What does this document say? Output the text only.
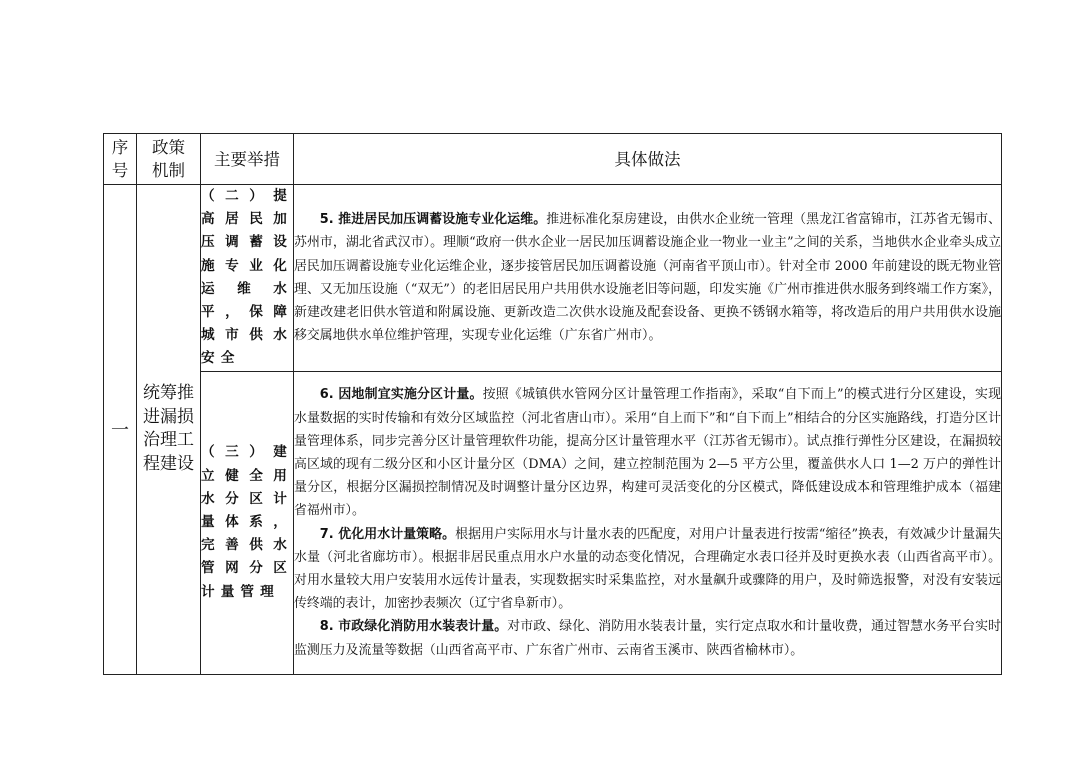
序号	政策机制	主要举措	具体做法
一	统筹推进漏损治理工程建设	（二）提高居民加压调蓄设施专业化运维水平，保障城市供水安全	5. 推进居民加压调蓄设施专业化运维。推进标准化泵房建设，由供水企业统一管理（黑龙江省富锦市，江苏省无锡市、苏州市，湖北省武汉市）。理顺“政府一供水企业一居民加压调蓄设施企业一物业一业主”之间的关系，当地供水企业牵头成立居民加压调蓄设施专业化运维企业，逐步接管居民加压调蓄设施（河南省平顶山市）。针对全市 2000 年前建设的既无物业管理、又无加压设施（“双无”）的老旧居民用户共用供水设施老旧等问题，印发实施《广州市推进供水服务到终端工作方案》，新建改建老旧供水管道和附属设施、更新改造二次供水设施及配套设备、更换不锈钢水箱等，将改造后的用户共用供水设施移交属地供水单位维护管理，实现专业化运维（广东省广州市）。

		（三）建立健全用水分区计量体系，完善供水管网分区计量管理	6. 因地制宜实施分区计量。按照《城镇供水管网分区计量管理工作指南》，采取“自下而上”的模式进行分区建设，实现水量数据的实时传输和有效分区域监控（河北省唐山市）。采用“自上而下”和“自下而上”相结合的分区实施路线，打造分区计量管理体系，同步完善分区计量管理软件功能，提高分区计量管理水平（江苏省无锡市）。试点推行弹性分区建设，在漏损较高区域的现有二级分区和小区计量分区（DMA）之间，建立控制范围为 2—5 平方公里，覆盖供水人口 1—2 万户的弹性计量分区，根据分区漏损控制情况及时调整计量分区边界，构建可灵活变化的分区模式，降低建设成本和管理维护成本（福建省福州市）。

7. 优化用水计量策略。根据用户实际用水与计量水表的匹配度，对用户计量表进行按需“缩径”换表，有效减少计量漏失水量（河北省廊坊市）。根据非居民重点用水户水量的动态变化情况，合理确定水表口径并及时更换水表（山西省高平市）。对用水量较大用户安装用水远传计量表，实现数据实时采集监控，对水量飙升或骤降的用户，及时筛选报警，对没有安装远传终端的表计，加密抄表频次（辽宁省阜新市）。

8. 市政绿化消防用水装表计量。对市政、绿化、消防用水装表计量，实行定点取水和计量收费，通过智慧水务平台实时监测压力及流量等数据（山西省高平市、广东省广州市、云南省玉溪市、陕西省榆林市）。
